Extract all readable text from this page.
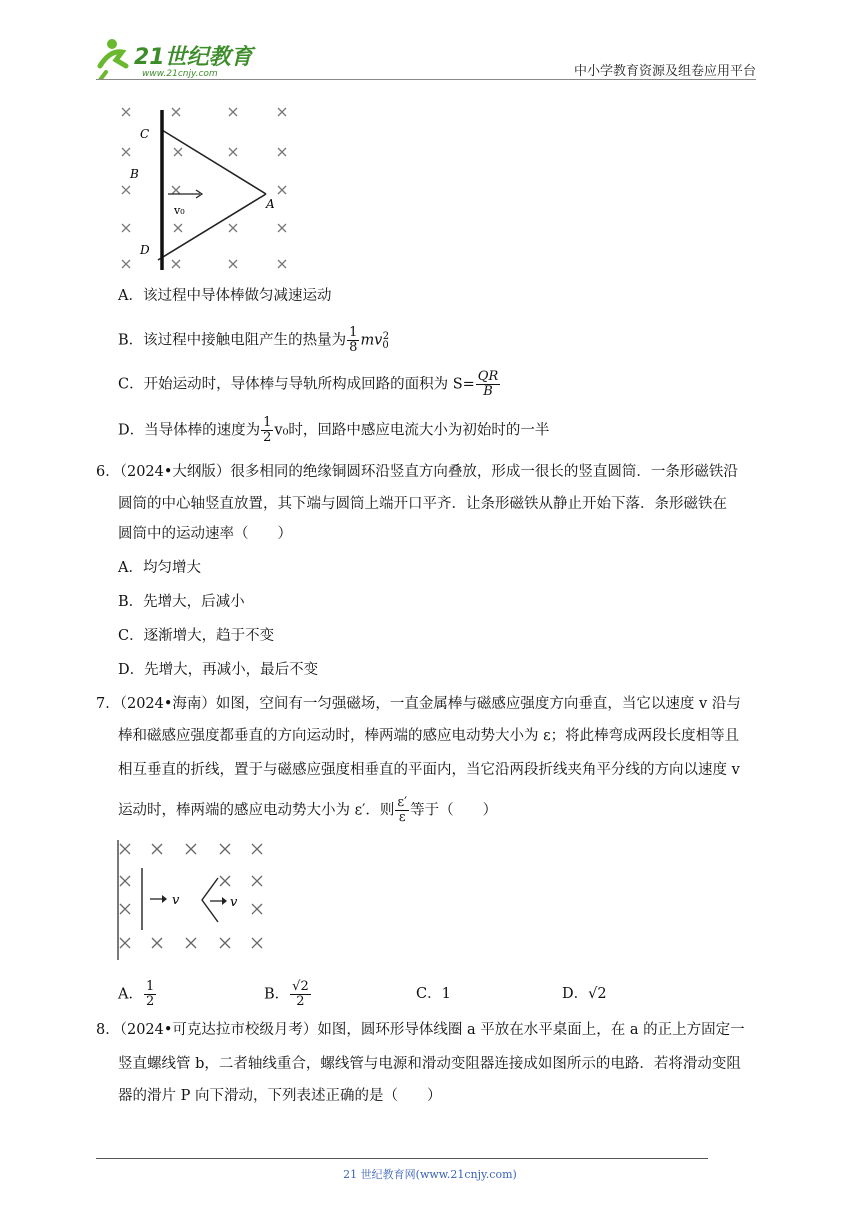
21世纪教育
www.21cnjy.com	中小学教育资源及组卷应用平台
C
B
D
A
v₀
A．该过程中导体棒做匀减速运动
B．该过程中接触电阻产生的热量为 $\frac{1}{8} mv_0^2$
C．开始运动时，导体棒与导轨所构成回路的面积为 $S= \frac{QR}{B}$
D．当导体棒的速度为 $\frac{1}{2} v_0$时，回路中感应电流大小为初始时的一半
6．（2024•大纲版）很多相同的绝缘铜圆环沿竖直方向叠放，形成一很长的竖直圆筒．一条形磁铁沿
圆筒的中心轴竖直放置，其下端与圆筒上端开口平齐．让条形磁铁从静止开始下落．条形磁铁在
圆筒中的运动速率（　　）
A．均匀增大
B．先增大，后减小
C．逐渐增大，趋于不变
D．先增大，再减小，最后不变
7．（2024•海南）如图，空间有一匀强磁场，一直金属棒与磁感应强度方向垂直，当它以速度 v 沿与
棒和磁感应强度都垂直的方向运动时，棒两端的感应电动势大小为 ε；将此棒弯成两段长度相等且
相互垂直的折线，置于与磁感应强度相垂直的平面内，当它沿两段折线夹角平分线的方向以速度 v
运动时，棒两端的感应电动势大小为 ε′．则 $\frac{\varepsilon'}{\varepsilon}$ 等于（　　）
v	v
A． $\frac{1}{2}$	B． $\frac{√2}{2}$	C．1	D．√2
8．（2024•可克达拉市校级月考）如图，圆环形导体线圈 a 平放在水平桌面上，在 a 的正上方固定一
竖直螺线管 b，二者轴线重合，螺线管与电源和滑动变阻器连接成如图所示的电路．若将滑动变阻
器的滑片 P 向下滑动，下列表述正确的是（　　）
21 世纪教育网(www.21cnjy.com)
